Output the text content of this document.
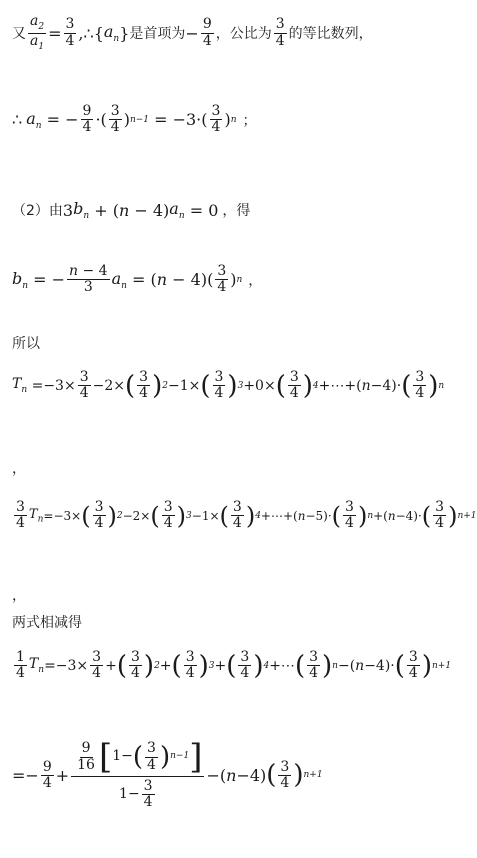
又 $\frac{a_2}{a_1} = \frac{3}{4}$ ,∴{ $a_n$ } 是首项为 − $\frac{9}{4}$ ，公比为 $\frac{3}{4}$ 的等比数列，
∴ $a_n$ = − $\frac{9}{4}$ ·( $\frac{3}{4}$ ) $n-1 = -3\cdot( \frac{3}{4}$ ) n ；
（2）由 3 $b_n$ + ( n − 4) $a_n = 0$ ，得
$b_n$ = − $\frac{n - 4}{3} a_n$ = ( $n - 4)( \frac{3}{4}$ ) n ，
所以
$T_n =-3\times \frac{3}{4} -2\times$ ( $\frac{3}{4}$ ) 2 −1× ( $\frac{3}{4}$ ) 3 +0× ( $\frac{3}{4}$ ) 4 +⋯+( n −4)· ( $\frac{3}{4}$ ) n
，
$\frac{3}{4} T_n =-3\times$ ( $\frac{3}{4}$ ) 2 −2× ( $\frac{3}{4}$ ) 3 −1× ( $\frac{3}{4}$ ) 4 +⋯+( n −5)· ( $\frac{3}{4}$ ) n +( n −4)· ( $\frac{3}{4}$ ) n+1
，
两式相减得
$\frac{1}{4} T_n =-3\times \frac{3}{4}$ + ( $\frac{3}{4}$ ) 2 + ( $\frac{3}{4}$ ) 3 + ( $\frac{3}{4}$ ) 4 +⋯ ( $\frac{3}{4}$ ) n −( n −4)· ( $\frac{3}{4}$ ) n+1
=− $\frac{9}{4} + \frac{\frac{9}{16} [ 1 - ( \frac{3}{4} ) n-1 ]}{1 - \frac{3}{4}}$ −( n −4) ( $\frac{3}{4}$ ) n+1
